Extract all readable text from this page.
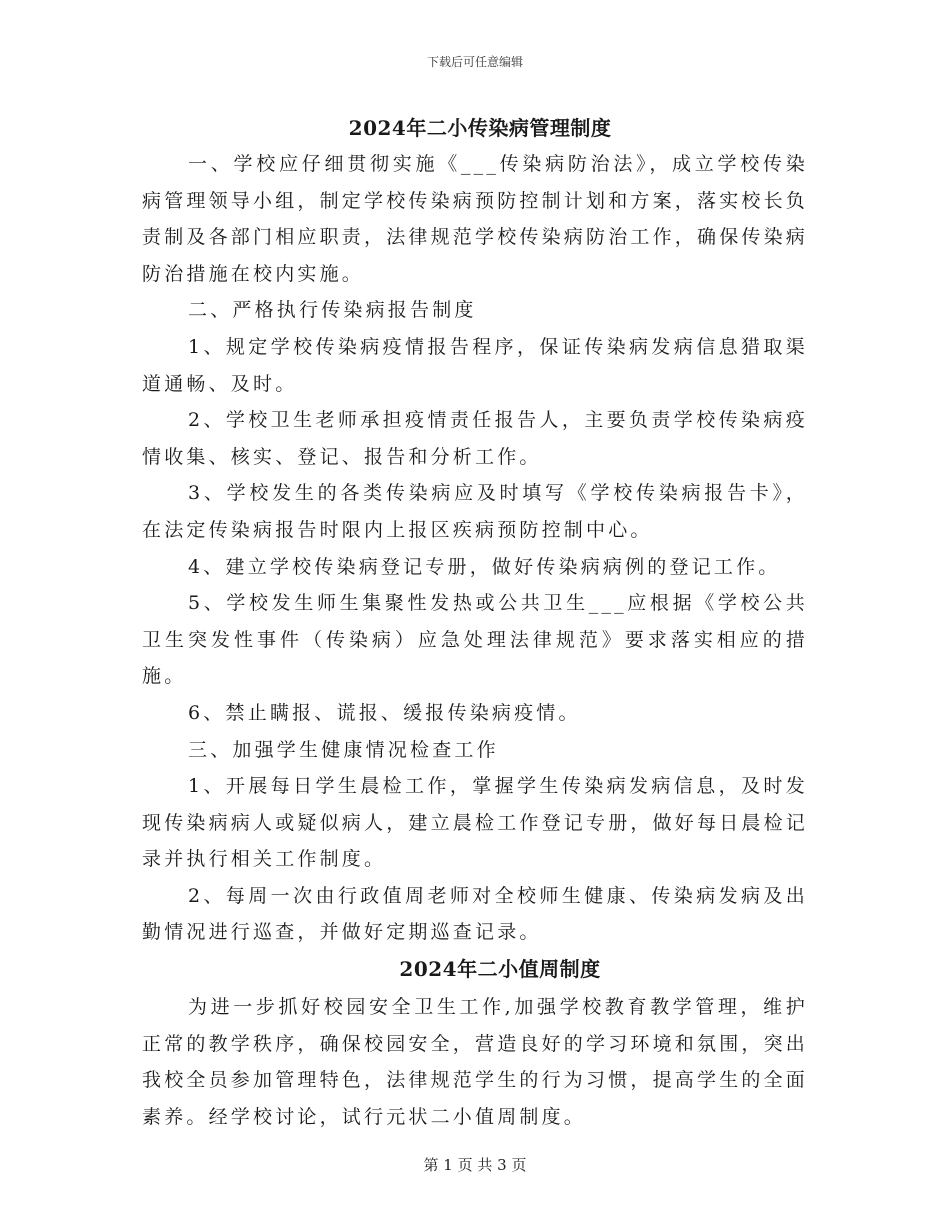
下载后可任意编辑
2024年二小传染病管理制度

一、学校应仔细贯彻实施《___传染病防治法》，成立学校传染病管理领导小组，制定学校传染病预防控制计划和方案，落实校长负责制及各部门相应职责，法律规范学校传染病防治工作，确保传染病防治措施在校内实施。

二、严格执行传染病报告制度

1、规定学校传染病疫情报告程序，保证传染病发病信息猎取渠道通畅、及时。

2、学校卫生老师承担疫情责任报告人，主要负责学校传染病疫情收集、核实、登记、报告和分析工作。

3、学校发生的各类传染病应及时填写《学校传染病报告卡》，在法定传染病报告时限内上报区疾病预防控制中心。

4、建立学校传染病登记专册，做好传染病病例的登记工作。

5、学校发生师生集聚性发热或公共卫生___应根据《学校公共卫生突发性事件（传染病）应急处理法律规范》要求落实相应的措施。

6、禁止瞒报、谎报、缓报传染病疫情。

三、加强学生健康情况检查工作

1、开展每日学生晨检工作，掌握学生传染病发病信息，及时发现传染病病人或疑似病人，建立晨检工作登记专册，做好每日晨检记录并执行相关工作制度。

2、每周一次由行政值周老师对全校师生健康、传染病发病及出勤情况进行巡查，并做好定期巡查记录。

2024年二小值周制度

为进一步抓好校园安全卫生工作,加强学校教育教学管理，维护正常的教学秩序，确保校园安全，营造良好的学习环境和氛围，突出我校全员参加管理特色，法律规范学生的行为习惯，提高学生的全面素养。经学校讨论，试行元状二小值周制度。

第 1 页 共 3 页
